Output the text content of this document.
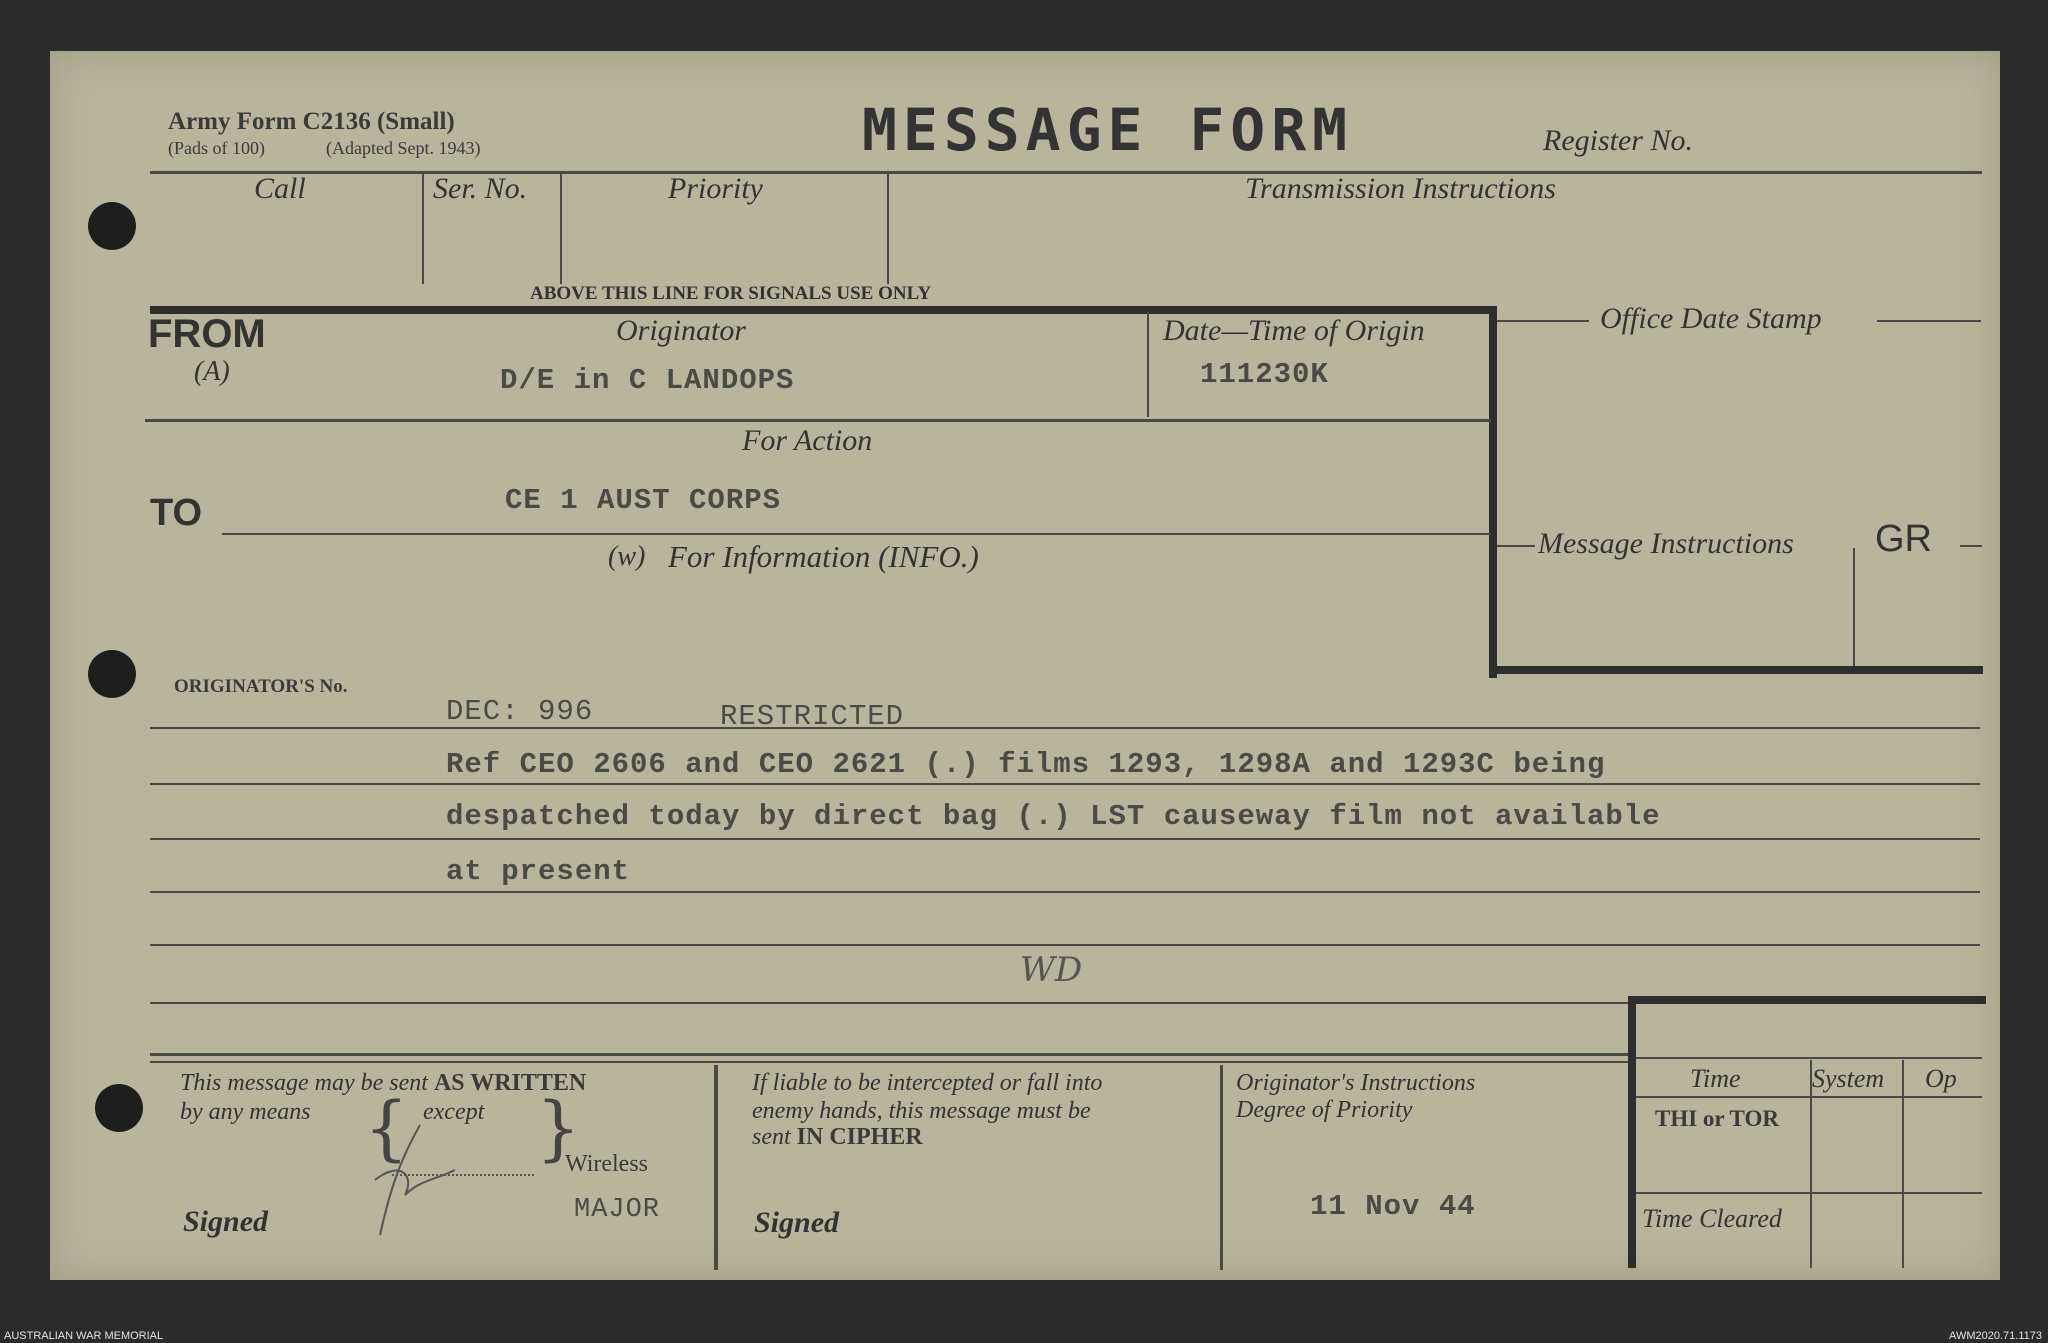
Army Form C2136 (Small)
(Pads of 100)	(Adapted Sept. 1943)	MESSAGE FORM	Register No.
Call	Ser. No.	Priority	Transmission Instructions
ABOVE THIS LINE FOR SIGNALS USE ONLY
FROM
(A)
Originator
D/E in C LANDOPS
Date—Time of Origin
111230K
For Action
TO	CE 1 AUST CORPS
(w) For Information (INFO.)
Office Date Stamp
Message Instructions GR
ORIGINATOR'S No.
DEC: 996	RESTRICTED
Ref CEO 2606 and CEO 2621 (.) films 1293, 1298A and 1293C being
despatched today by direct bag (.) LST causeway film not available
at present
WD
This message may be sent AS WRITTEN
by any means	except
{ }
Wireless
Signed	MAJOR
If liable to be intercepted or fall into
enemy hands, this message must be
sent IN CIPHER
Signed
Originator's Instructions
Degree of Priority
11 Nov 44
Time	System Op
THI or TOR
Time Cleared
AUSTRALIAN WAR MEMORIAL	AWM2020.71.1173
